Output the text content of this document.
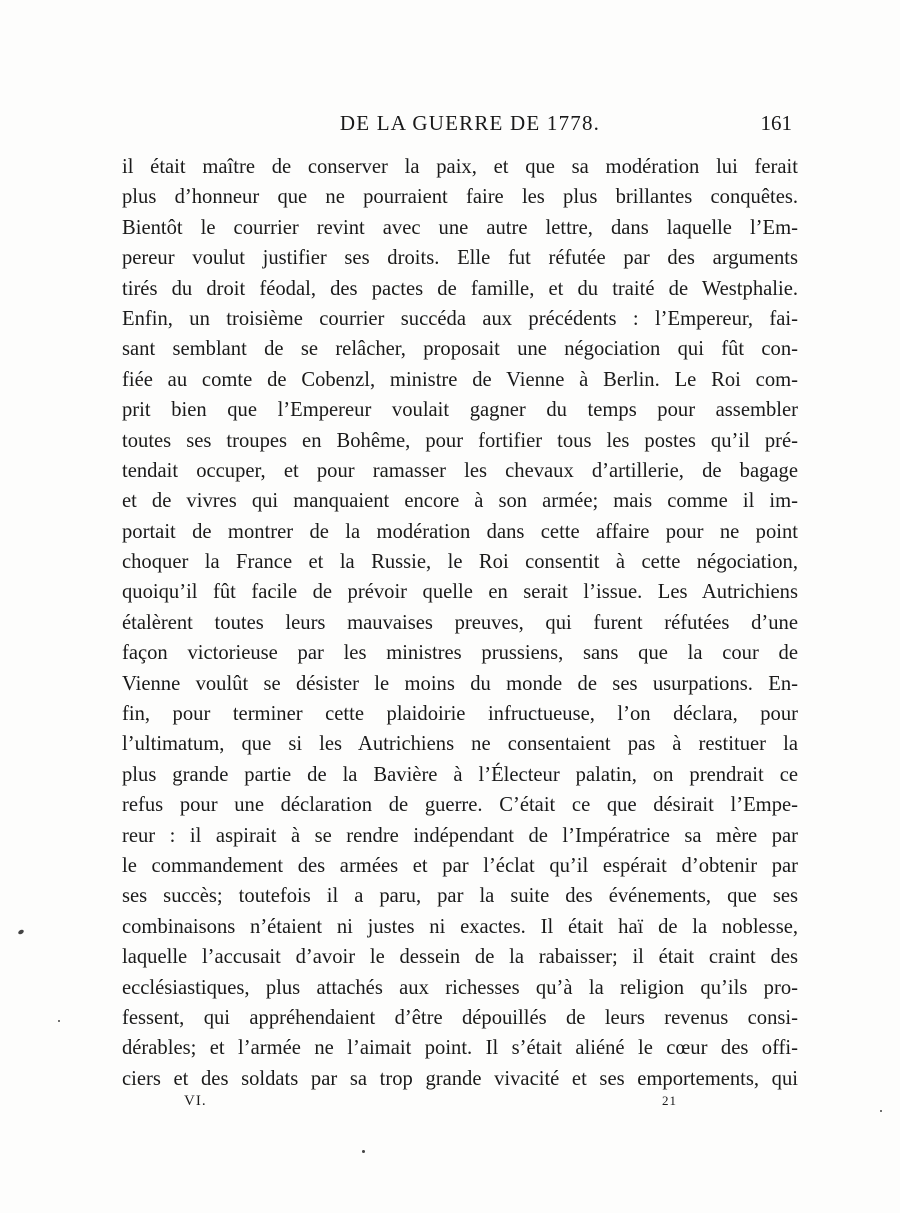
DE LA GUERRE DE 1778.	161
il était maître de conserver la paix, et que sa modération lui ferait
plus d’honneur que ne pourraient faire les plus brillantes conquêtes.
Bientôt le courrier revint avec une autre lettre, dans laquelle l’Em-
pereur voulut justifier ses droits. Elle fut réfutée par des arguments
tirés du droit féodal, des pactes de famille, et du traité de Westphalie.
Enfin, un troisième courrier succéda aux précédents : l’Empereur, fai-
sant semblant de se relâcher, proposait une négociation qui fût con-
fiée au comte de Cobenzl, ministre de Vienne à Berlin. Le Roi com-
prit bien que l’Empereur voulait gagner du temps pour assembler
toutes ses troupes en Bohême, pour fortifier tous les postes qu’il pré-
tendait occuper, et pour ramasser les chevaux d’artillerie, de bagage
et de vivres qui manquaient encore à son armée; mais comme il im-
portait de montrer de la modération dans cette affaire pour ne point
choquer la France et la Russie, le Roi consentit à cette négociation,
quoiqu’il fût facile de prévoir quelle en serait l’issue. Les Autrichiens
étalèrent toutes leurs mauvaises preuves, qui furent réfutées d’une
façon victorieuse par les ministres prussiens, sans que la cour de
Vienne voulût se désister le moins du monde de ses usurpations. En-
fin, pour terminer cette plaidoirie infructueuse, l’on déclara, pour
l’ultimatum, que si les Autrichiens ne consentaient pas à restituer la
plus grande partie de la Bavière à l’Électeur palatin, on prendrait ce
refus pour une déclaration de guerre. C’était ce que désirait l’Empe-
reur : il aspirait à se rendre indépendant de l’Impératrice sa mère par
le commandement des armées et par l’éclat qu’il espérait d’obtenir par
ses succès; toutefois il a paru, par la suite des événements, que ses
combinaisons n’étaient ni justes ni exactes. Il était haï de la noblesse,
laquelle l’accusait d’avoir le dessein de la rabaisser; il était craint des
ecclésiastiques, plus attachés aux richesses qu’à la religion qu’ils pro-
fessent, qui appréhendaient d’être dépouillés de leurs revenus consi-
dérables; et l’armée ne l’aimait point. Il s’était aliéné le cœur des offi-
ciers et des soldats par sa trop grande vivacité et ses emportements, qui
VI.	21
